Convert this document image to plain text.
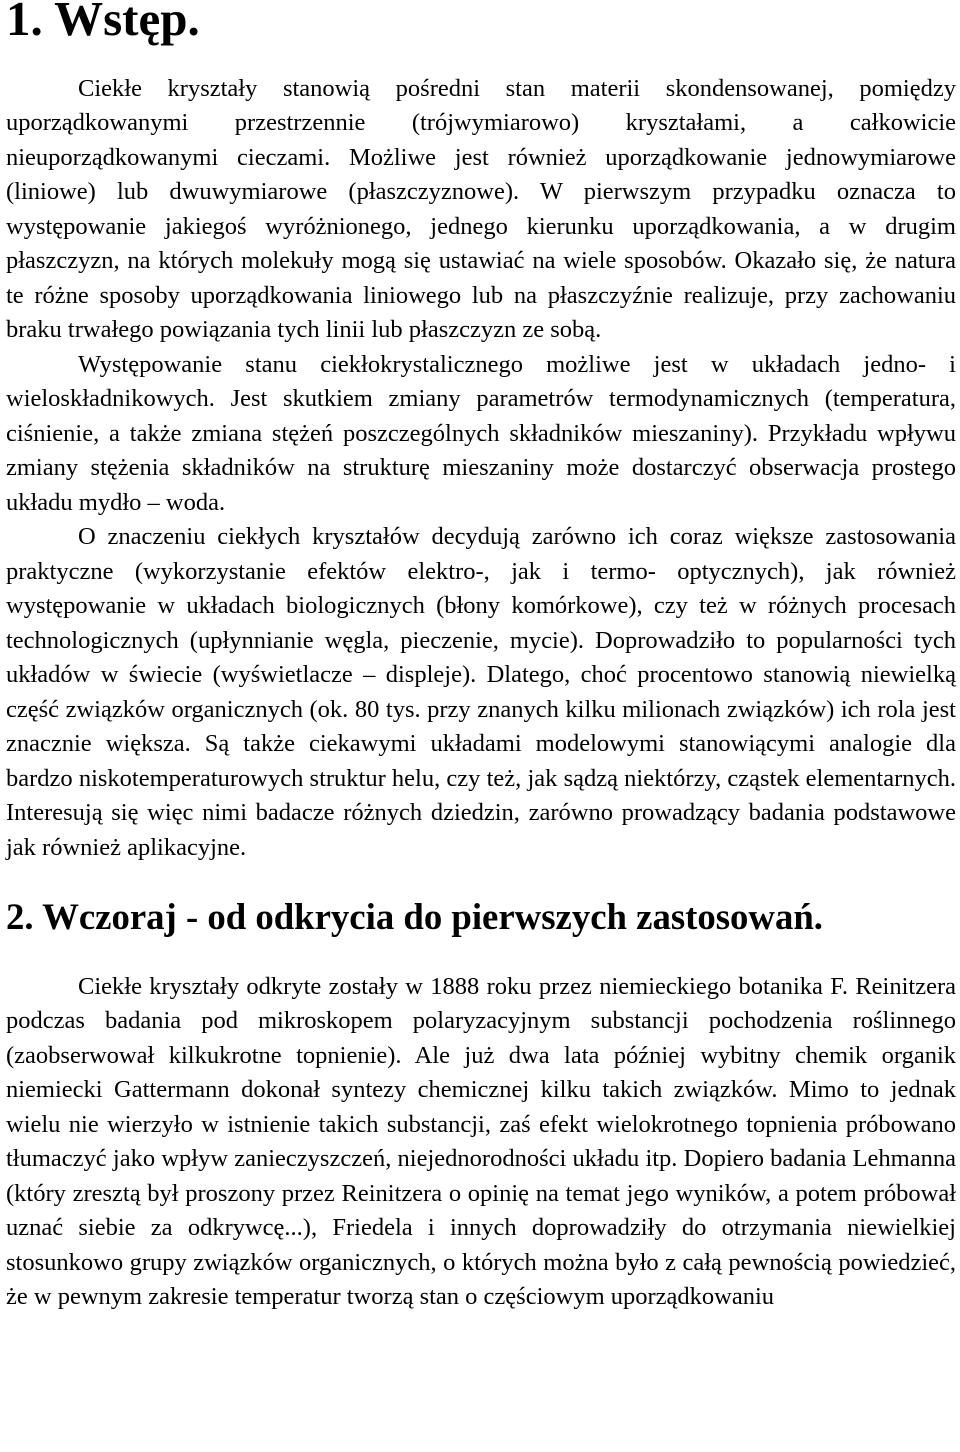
1. Wstęp.

Ciekłe kryształy stanowią pośredni stan materii skondensowanej, pomiędzy uporządkowanymi przestrzennie (trójwymiarowo) kryształami, a całkowicie nieuporządkowanymi cieczami. Możliwe jest również uporządkowanie jednowymiarowe (liniowe) lub dwuwymiarowe (płaszczyznowe). W pierwszym przypadku oznacza to występowanie jakiegoś wyróżnionego, jednego kierunku uporządkowania, a w drugim płaszczyzn, na których molekuły mogą się ustawiać na wiele sposobów. Okazało się, że natura te różne sposoby uporządkowania liniowego lub na płaszczyźnie realizuje, przy zachowaniu braku trwałego powiązania tych linii lub płaszczyzn ze sobą.

Występowanie stanu ciekłokrystalicznego możliwe jest w układach jedno- i wieloskładnikowych. Jest skutkiem zmiany parametrów termodynamicznych (temperatura, ciśnienie, a także zmiana stężeń poszczególnych składników mieszaniny). Przykładu wpływu zmiany stężenia składników na strukturę mieszaniny może dostarczyć obserwacja prostego układu mydło – woda.

O znaczeniu ciekłych kryształów decydują zarówno ich coraz większe zastosowania praktyczne (wykorzystanie efektów elektro-, jak i termo- optycznych), jak również występowanie w układach biologicznych (błony komórkowe), czy też w różnych procesach technologicznych (upłynnianie węgla, pieczenie, mycie). Doprowadziło to popularności tych układów w świecie (wyświetlacze – displeje). Dlatego, choć procentowo stanowią niewielką część związków organicznych (ok. 80 tys. przy znanych kilku milionach związków) ich rola jest znacznie większa. Są także ciekawymi układami modelowymi stanowiącymi analogie dla bardzo niskotemperaturowych struktur helu, czy też, jak sądzą niektórzy, cząstek elementarnych. Interesują się więc nimi badacze różnych dziedzin, zarówno prowadzący badania podstawowe jak również aplikacyjne.

2. Wczoraj - od odkrycia do pierwszych zastosowań.

Ciekłe kryształy odkryte zostały w 1888 roku przez niemieckiego botanika F. Reinitzera podczas badania pod mikroskopem polaryzacyjnym substancji pochodzenia roślinnego (zaobserwował kilkukrotne topnienie). Ale już dwa lata później wybitny chemik organik niemiecki Gattermann dokonał syntezy chemicznej kilku takich związków. Mimo to jednak wielu nie wierzyło w istnienie takich substancji, zaś efekt wielokrotnego topnienia próbowano tłumaczyć jako wpływ zanieczyszczeń, niejednorodności układu itp. Dopiero badania Lehmanna (który zresztą był proszony przez Reinitzera o opinię na temat jego wyników, a potem próbował uznać siebie za odkrywcę...), Friedela i innych doprowadziły do otrzymania niewielkiej stosunkowo grupy związków organicznych, o których można było z całą pewnością powiedzieć, że w pewnym zakresie temperatur tworzą stan o częściowym uporządkowaniu
